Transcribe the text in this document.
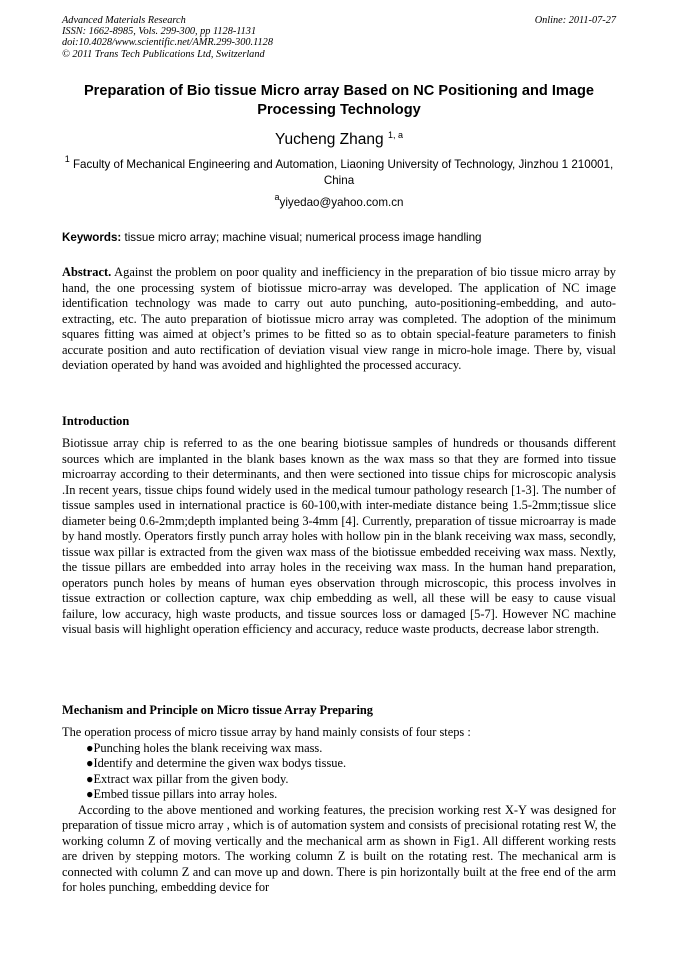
Advanced Materials Research
ISSN: 1662-8985, Vols. 299-300, pp 1128-1131
doi:10.4028/www.scientific.net/AMR.299-300.1128
© 2011 Trans Tech Publications Ltd, Switzerland
Online: 2011-07-27
Preparation of Bio tissue Micro array Based on NC Positioning and Image Processing Technology
Yucheng Zhang $^{1, a}$
$^1$ Faculty of Mechanical Engineering and Automation, Liaoning University of Technology, Jinzhou 1 210001, China
$^a$yiyedao@yahoo.com.cn
Keywords: tissue micro array; machine visual; numerical process image handling
Abstract. Against the problem on poor quality and inefficiency in the preparation of bio tissue micro array by hand, the one processing system of biotissue micro-array was developed. The application of NC image identification technology was made to carry out auto punching, auto-positioning-embedding, and auto-extracting, etc. The auto preparation of biotissue micro array was completed. The adoption of the minimum squares fitting was aimed at object’s primes to be fitted so as to obtain special-feature parameters to finish accurate position and auto rectification of deviation visual view range in micro-hole image. There by, visual deviation operated by hand was avoided and highlighted the processed accuracy.
Introduction
Biotissue array chip is referred to as the one bearing biotissue samples of hundreds or thousands different sources which are implanted in the blank bases known as the wax mass so that they are formed into tissue microarray according to their determinants, and then were sectioned into tissue chips for microscopic analysis .In recent years, tissue chips found widely used in the medical tumour pathology research [1-3]. The number of tissue samples used in international practice is 60-100,with inter-mediate distance being 1.5-2mm;tissue slice diameter being 0.6-2mm;depth implanted being 3-4mm [4]. Currently, preparation of tissue microarray is made by hand mostly. Operators firstly punch array holes with hollow pin in the blank receiving wax mass, secondly, tissue wax pillar is extracted from the given wax mass of the biotissue embedded receiving wax mass. Nextly, the tissue pillars are embedded into array holes in the receiving wax mass. In the human hand preparation, operators punch holes by means of human eyes observation through microscopic, this process involves in tissue extraction or collection capture, wax chip embedding as well, all these will be easy to cause visual failure, low accuracy, high waste products, and tissue sources loss or damaged [5-7]. However NC machine visual basis will highlight operation efficiency and accuracy, reduce waste products, decrease labor strength.
Mechanism and Principle on Micro tissue Array Preparing

The operation process of micro tissue array by hand mainly consists of four steps :

●Punching holes the blank receiving wax mass.

●Identify and determine the given wax bodys tissue.

●Extract wax pillar from the given body.

●Embed tissue pillars into array holes.

According to the above mentioned and working features, the precision working rest X-Y was designed for preparation of tissue micro array , which is of automation system and consists of precisional rotating rest W, the working column Z of moving vertically and the mechanical arm as shown in Fig1. All different working rests are driven by stepping motors. The working column Z is built on the rotating rest. The mechanical arm is connected with column Z and can move up and down. There is pin horizontally built at the free end of the arm for holes punching, embedding device for
